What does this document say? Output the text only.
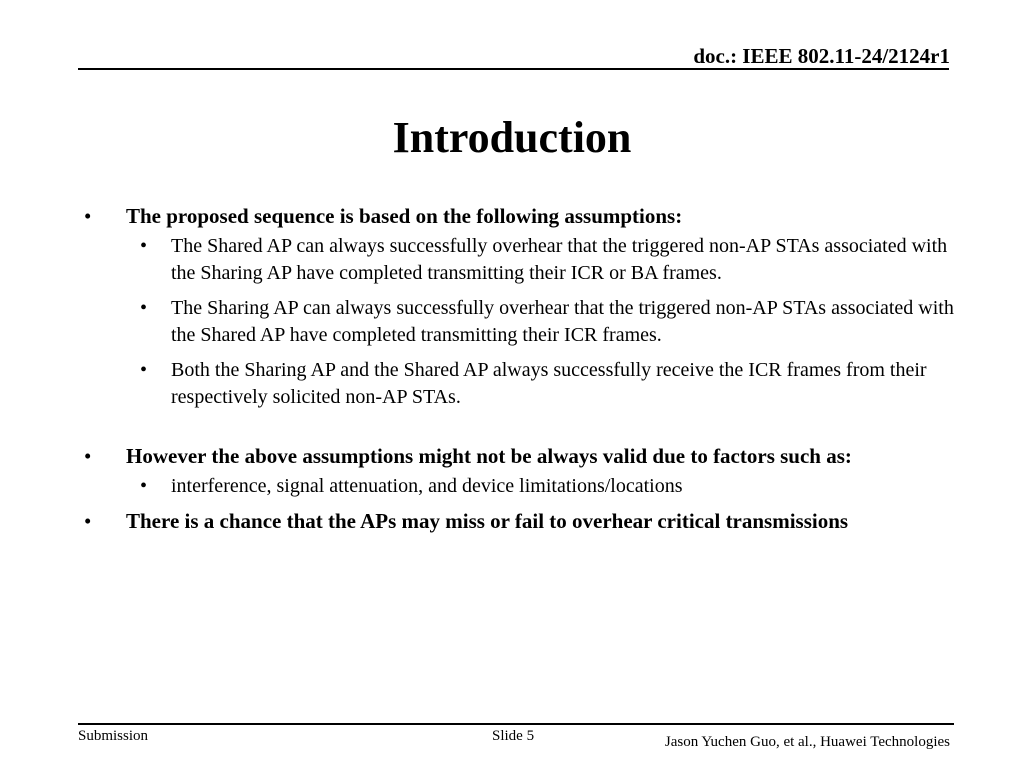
doc.: IEEE 802.11-24/2124r1
Introduction
• The proposed sequence is based on the following assumptions:
• The Shared AP can always successfully overhear that the triggered non-AP STAs associated with the Sharing AP have completed transmitting their ICR or BA frames.
• The Sharing AP can always successfully overhear that the triggered non-AP STAs associated with the Shared AP have completed transmitting their ICR frames.
• Both the Sharing AP and the Shared AP always successfully receive the ICR frames from their respectively solicited non-AP STAs.
• However the above assumptions might not be always valid due to factors such as:
• interference, signal attenuation, and device limitations/locations
• There is a chance that the APs may miss or fail to overhear critical transmissions
Submission	Slide 5	Jason Yuchen Guo, et al., Huawei Technologies
